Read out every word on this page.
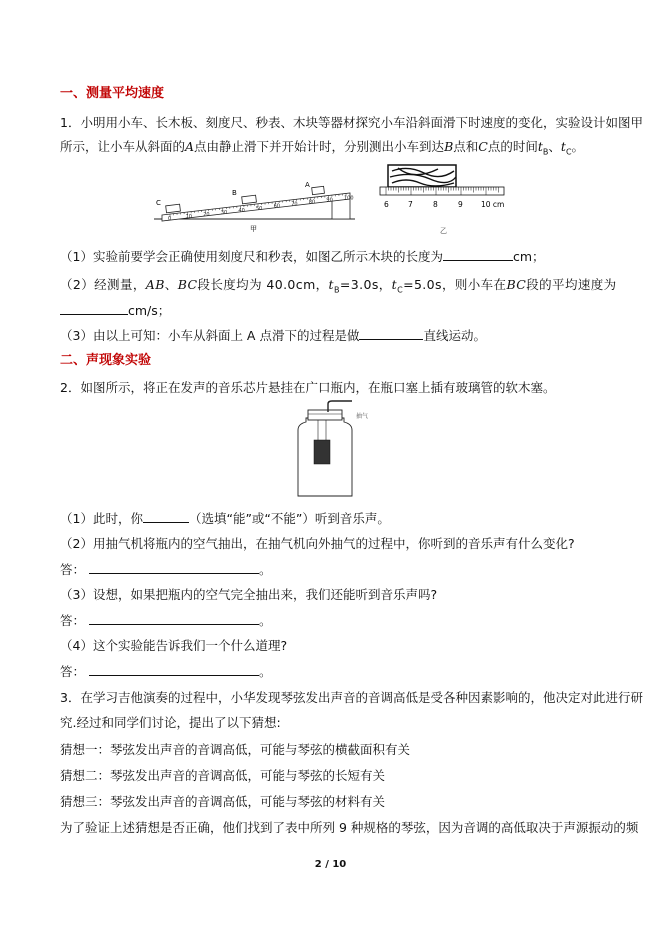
一、测量平均速度
1．小明用小车、长木板、刻度尺、秒表、木块等器材探究小车沿斜面滑下时速度的变化，实验设计如图甲
所示，让小车从斜面的A点由静止滑下并开始计时，分别测出小车到达B点和C点的时间$t_B$、$t_C$。
0	10 20 30 40 50 60 70 80 90 100
C
B
A
甲
6	7	8	9 10 cm
乙
（1）实验前要学会正确使用刻度尺和秒表，如图乙所示木块的长度为	cm；
（2）经测量，AB、BC段长度均为 40.0cm，$t_B=3.0s$，$t_C=5.0s$，则小车在BC段的平均速度为
cm/s；
（3）由以上可知：小车从斜面上 A 点滑下的过程是做	直线运动。
二、声现象实验
2．如图所示，将正在发声的音乐芯片悬挂在广口瓶内，在瓶口塞上插有玻璃管的软木塞。
抽气
（1）此时，你	（选填“能”或“不能”）听到音乐声。
（2）用抽气机将瓶内的空气抽出，在抽气机向外抽气的过程中，你听到的音乐声有什么变化?
答：	。
（3）设想，如果把瓶内的空气完全抽出来，我们还能听到音乐声吗?
答：	。
（4）这个实验能告诉我们一个什么道理?
答：	。
3．在学习吉他演奏的过程中，小华发现琴弦发出声音的音调高低是受各种因素影响的，他决定对此进行研
究.经过和同学们讨论，提出了以下猜想:
猜想一：琴弦发出声音的音调高低，可能与琴弦的横截面积有关
猜想二：琴弦发出声音的音调高低，可能与琴弦的长短有关
猜想三：琴弦发出声音的音调高低，可能与琴弦的材料有关
为了验证上述猜想是否正确，他们找到了表中所列 9 种规格的琴弦，因为音调的高低取决于声源振动的频
2 / 10
